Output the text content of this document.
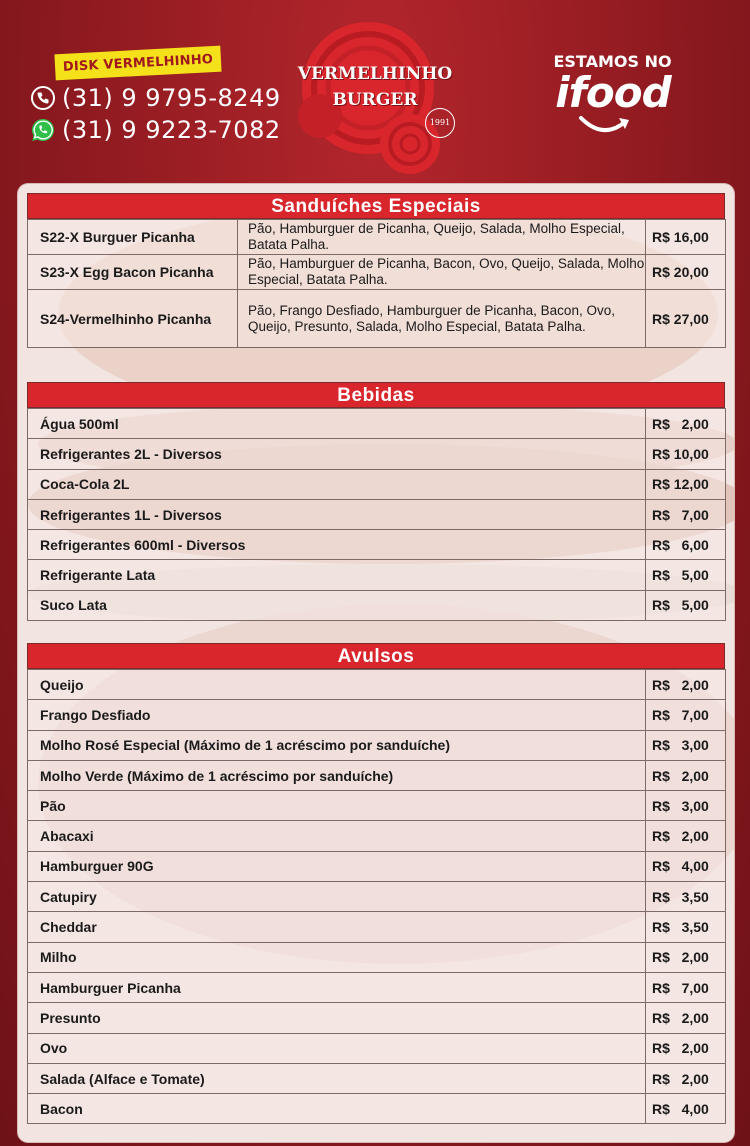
DISK VERMELHINHO
(31) 9 9795-8249
(31) 9 9223-7082
VERMELHINHO
BURGER
1991
ESTAMOS NO
ifood
Sanduíches Especiais
S22-X Burguer Picanha	Pão, Hamburguer de Picanha, Queijo, Salada, Molho Especial, Batata Palha.	R$ 16,00
S23-X Egg Bacon Picanha	Pão, Hamburguer de Picanha, Bacon, Ovo, Queijo, Salada, Molho Especial, Batata Palha.	R$ 20,00
S24-Vermelhinho Picanha	Pão, Frango Desfiado, Hamburguer de Picanha, Bacon, Ovo, Queijo, Presunto, Salada, Molho Especial, Batata Palha.	R$ 27,00
Bebidas
Água 500ml	R$   2,00
Refrigerantes 2L - Diversos	R$ 10,00
Coca-Cola 2L	R$ 12,00
Refrigerantes 1L - Diversos	R$   7,00
Refrigerantes 600ml - Diversos	R$   6,00
Refrigerante Lata	R$   5,00
Suco Lata	R$   5,00
Avulsos
Queijo	R$   2,00
Frango Desfiado	R$   7,00
Molho Rosé Especial (Máximo de 1 acréscimo por sanduíche)	R$   3,00
Molho Verde (Máximo de 1 acréscimo por sanduíche)	R$   2,00
Pão	R$   3,00
Abacaxi	R$   2,00
Hamburguer 90G	R$   4,00
Catupiry	R$   3,50
Cheddar	R$   3,50
Milho	R$   2,00
Hamburguer Picanha	R$   7,00
Presunto	R$   2,00
Ovo	R$   2,00
Salada (Alface e Tomate)	R$   2,00
Bacon	R$   4,00
